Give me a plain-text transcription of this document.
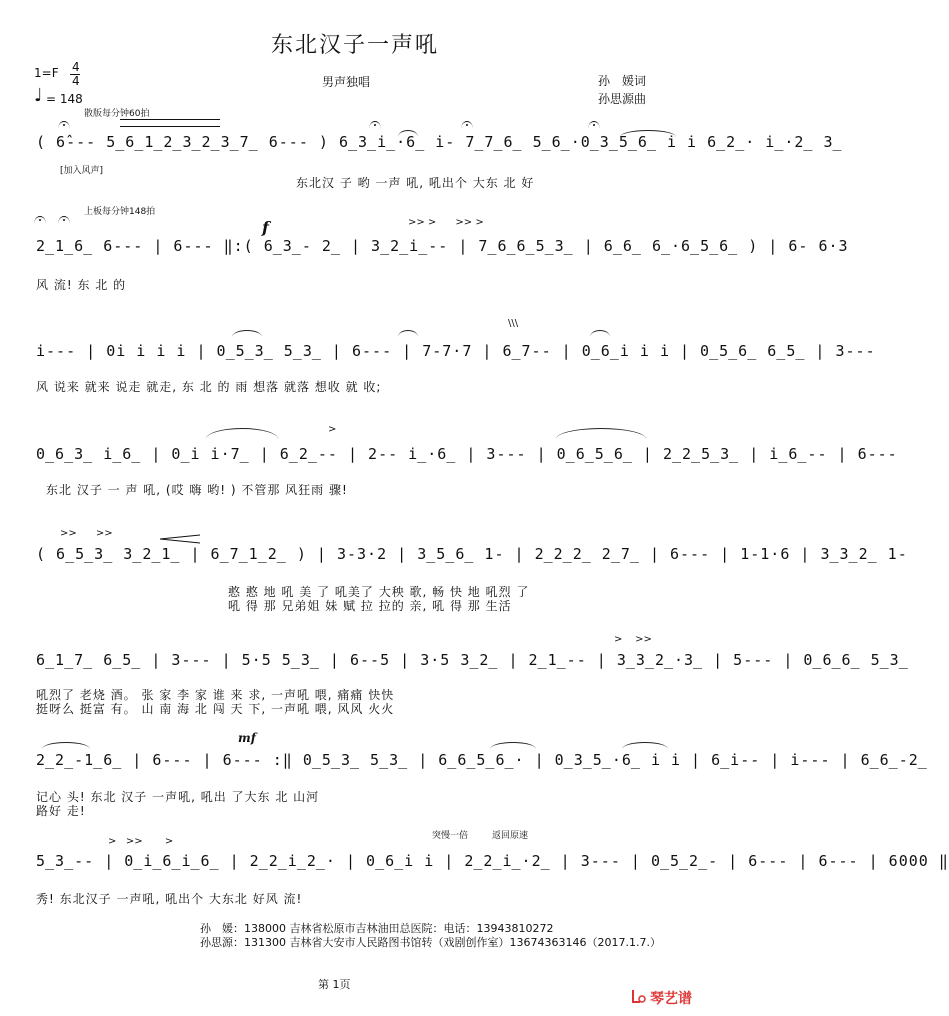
东北汉子一声吼
1=F 4
4
♩ = 148
男声独唱	孙　媛词
孙思源曲
散版每分钟60拍
( 6̂--- 5̲6̲1̲2̲3̲2̲3̲7̲ 6--- ) 6̲3̲i̲·6̲ i̇- 7̲7̲6̲ 5̲6̲·0̲3̲5̲6̲ i̇ i̇ 6̲2̲· i̲·2̲ 3̲
[加入风声]
东北汉 子 哟 一声 吼, 吼出个 大东 北 好
上板每分钟148拍
>> >      >> >
f
2̲1̲6̲ 6--- | 6--- ‖:( 6̲3̲- 2̲ | 3̲2̲i̲-- | 7̲6̲6̲5̲3̲ | 6̲6̲ 6̲·6̲5̲6̲ ) | 6- 6·3
风 流! 东 北 的
\\\
i--- | 0i̇ i̇ i̇ i̇ | 0̲5̲3̲ 5̲3̲ | 6--- | 7-7·7 | 6̲7-- | 0̲6̲i̇ i̇ i̇ | 0̲5̲6̲ 6̲5̲ | 3---
风 说来 就来 说走 就走, 东 北 的 雨 想落 就落 想收 就 收;
>
0̲6̲3̲ i̲6̲ | 0̲i̇ i̇·7̲ | 6̲2̲-- | 2-- i̲·6̲ | 3--- | 0̲6̲5̲6̲ | 2̲2̲5̲3̲ | i̲6̲-- | 6---
东北 汉子 一 声 吼, (哎 嗨 哟! ) 不管那 风狂雨 骤!
>>      >>
( 6̲5̲3̲ 3̲2̲1̲ | 6̲7̲1̲2̲ ) | 3-3·2 | 3̲5̲6̲ 1- | 2̲2̲2̲ 2̲7̲ | 6--- | 1-1·6 | 3̲3̲2̲ 1-
憨 憨 地 吼 美 了 吼美了 大秧 歌, 畅 快 地 吼烈 了
吼 得 那 兄弟姐 妹 赋 拉 拉的 亲, 吼 得 那 生活
>    >>
6̲1̲7̲ 6̲5̲ | 3--- | 5·5 5̲3̲ | 6--5 | 3·5 3̲2̲ | 2̲1̲-- | 3̲3̲2̲·3̲ | 5--- | 0̲6̲6̲ 5̲3̲
吼烈了 老烧 酒。 张 家 李 家 谁 来 求, 一声吼 喂, 痛痛 快快
挺呀么 挺富 有。 山 南 海 北 闯 天 下, 一声吼 喂, 风风 火火
mf
2̲2̲-1̲6̲ | 6--- | 6--- :‖ 0̲5̲3̲ 5̲3̲ | 6̲6̲5̲6̲· | 0̲3̲5̲·6̲ i̇ i̇ | 6̲i̇-- | i̇--- | 6̲6̲-2̲
记心 头! 东北 汉子 一声吼, 吼出 了大东 北 山河
路好 走!
突慢一倍	返回原速
>   >>       >
5̲3̲-- | 0̲i̲6̲i̲6̲ | 2̲2̲i̲2̲· | 0̲6̲i̇ i̇ | 2̲2̲i̲·2̲ | 3--- | 0̲5̲2̲- | 6--- | 6--- | 6000 ‖
秀! 东北汉子 一声吼, 吼出个 大东北 好风 流!
孙　媛：138000 吉林省松原市吉林油田总医院：电话：13943810272
孙思源：131300 吉林省大安市人民路图书馆转（戏剧创作室）13674363146（2017.1.7.）
第 1页
琴艺谱
